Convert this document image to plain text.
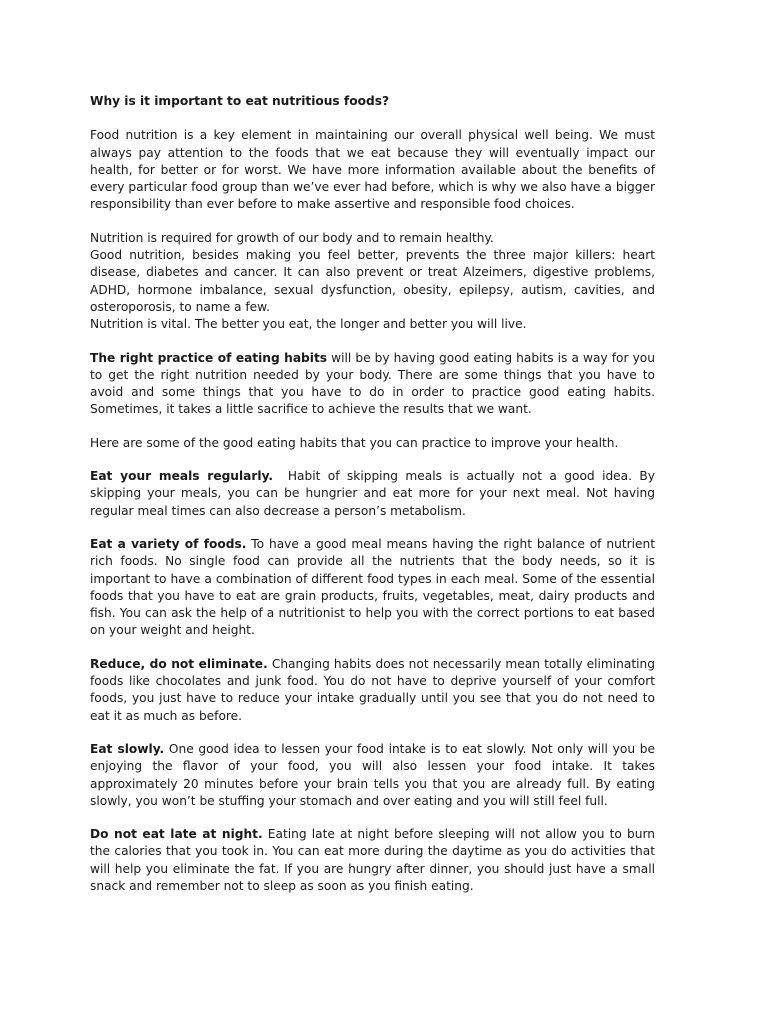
Why is it important to eat nutritious foods?

Food nutrition is a key element in maintaining our overall physical well being. We must always pay attention to the foods that we eat because they will eventually impact our health, for better or for worst. We have more information available about the benefits of every particular food group than we’ve ever had before, which is why we also have a bigger responsibility than ever before to make assertive and responsible food choices.

Nutrition is required for growth of our body and to remain healthy.

Good nutrition, besides making you feel better, prevents the three major killers: heart disease, diabetes and cancer. It can also prevent or treat Alzeimers, digestive problems, ADHD, hormone imbalance, sexual dysfunction, obesity, epilepsy, autism, cavities, and osteroporosis, to name a few.

Nutrition is vital. The better you eat, the longer and better you will live.

The right practice of eating habits will be by having good eating habits is a way for you to get the right nutrition needed by your body. There are some things that you have to avoid and some things that you have to do in order to practice good eating habits. Sometimes, it takes a little sacrifice to achieve the results that we want.

Here are some of the good eating habits that you can practice to improve your health.

Eat your meals regularly.  Habit of skipping meals is actually not a good idea. By skipping your meals, you can be hungrier and eat more for your next meal. Not having regular meal times can also decrease a person’s metabolism.

Eat a variety of foods. To have a good meal means having the right balance of nutrient rich foods. No single food can provide all the nutrients that the body needs, so it is important to have a combination of different food types in each meal. Some of the essential foods that you have to eat are grain products, fruits, vegetables, meat, dairy products and fish. You can ask the help of a nutritionist to help you with the correct portions to eat based on your weight and height.

Reduce, do not eliminate. Changing habits does not necessarily mean totally eliminating foods like chocolates and junk food. You do not have to deprive yourself of your comfort foods, you just have to reduce your intake gradually until you see that you do not need to eat it as much as before.

Eat slowly. One good idea to lessen your food intake is to eat slowly. Not only will you be enjoying the flavor of your food, you will also lessen your food intake. It takes approximately 20 minutes before your brain tells you that you are already full. By eating slowly, you won’t be stuffing your stomach and over eating and you will still feel full.

Do not eat late at night. Eating late at night before sleeping will not allow you to burn the calories that you took in. You can eat more during the daytime as you do activities that will help you eliminate the fat. If you are hungry after dinner, you should just have a small snack and remember not to sleep as soon as you finish eating.
